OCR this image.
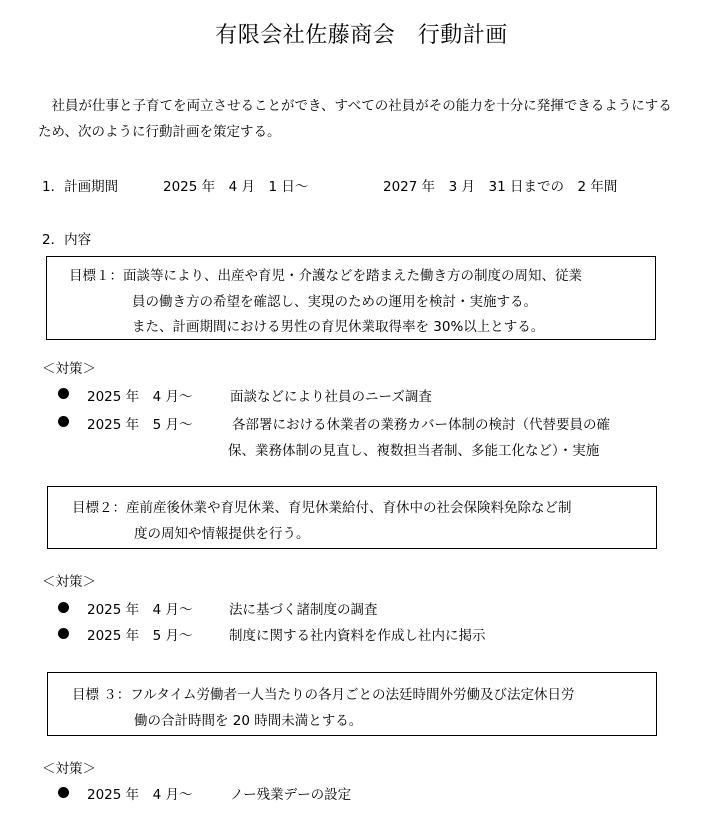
有限会社佐藤商会　行動計画
　社員が仕事と子育てを両立させることができ、すべての社員がその能力を十分に発揮できるようにするため、次のように行動計画を策定する。
1．計画期間	2025 年　4 月　1 日～	2027 年　3 月　31 日までの　2 年間
2．内容
目標１：面談等により、出産や育児・介護などを踏まえた働き方の制度の周知、従業
員の働き方の希望を確認し、実現のための運用を検討・実施する。
また、計画期間における男性の育児休業取得率を 30%以上とする。
＜対策＞
2025 年　4 月～	面談などにより社員のニーズ調査
2025 年　5 月～	各部署における休業者の業務カバー体制の検討（代替要員の確
保、業務体制の見直し、複数担当者制、多能工化など）・実施
目標２：産前産後休業や育児休業、育児休業給付、育休中の社会保険料免除など制
度の周知や情報提供を行う。
＜対策＞
2025 年　4 月～	法に基づく諸制度の調査
2025 年　5 月～	制度に関する社内資料を作成し社内に掲示
目標 ３：フルタイム労働者一人当たりの各月ごとの法廷時間外労働及び法定休日労
働の合計時間を 20 時間未満とする。
＜対策＞
2025 年　4 月～	ノー残業デーの設定
